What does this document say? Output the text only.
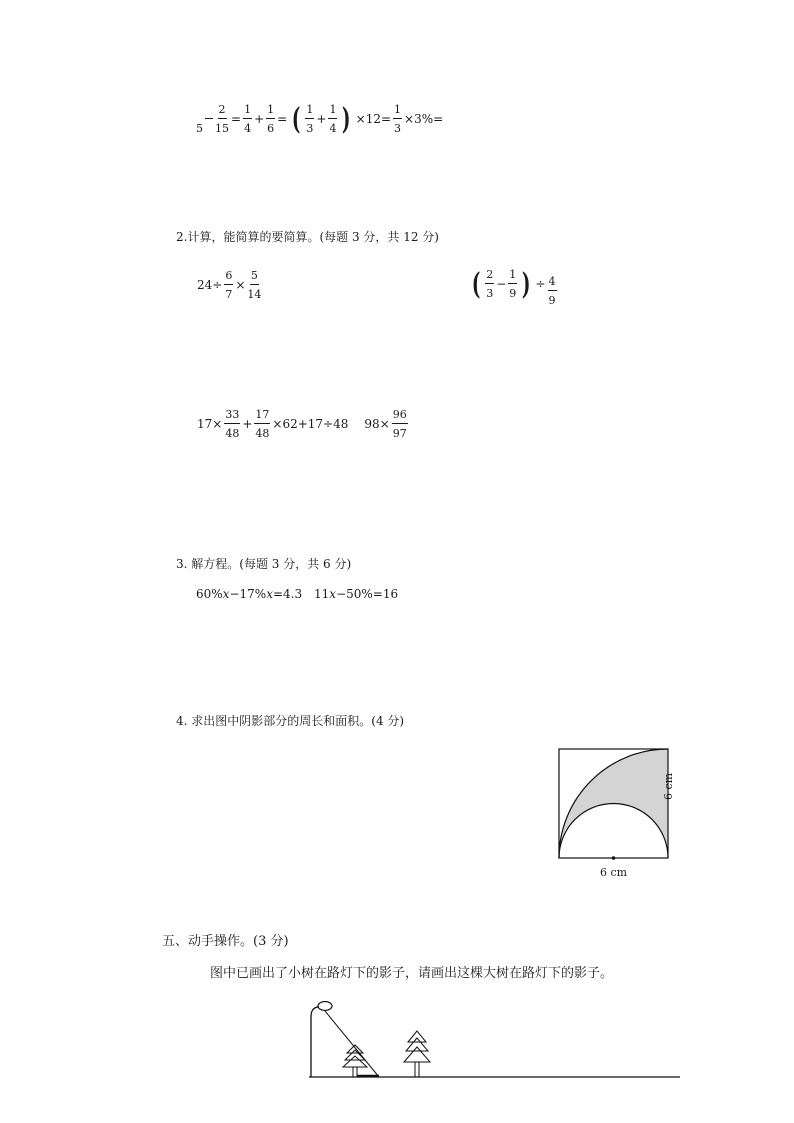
5

$\frac{2}{15} = \frac{1}{4} + \frac{1}{6}$ = ( $\frac{1}{3} + \frac{1}{4}$ ) $\times 12= \frac{1}{3} \times 3\%=$
2.计算，能简算的要简算。(每题 3 分，共 12 分)
$24\div \frac{6}{7} \times \frac{5}{14}$	( $\frac{2}{3} - \frac{1}{9}$ ) ÷ $\frac{4}{9}$
$17\times \frac{33}{48} + \frac{17}{48} \times 62+17\div 48$ $98\times \frac{96}{97}$
3. 解方程。(每题 3 分，共 6 分)
60%x−17%x=4.3 11x−50%=16
4. 求出图中阴影部分的周长和面积。(4 分)
6 cm
6 cm
五、动手操作。(3 分)
图中已画出了小树在路灯下的影子，请画出这棵大树在路灯下的影子。
